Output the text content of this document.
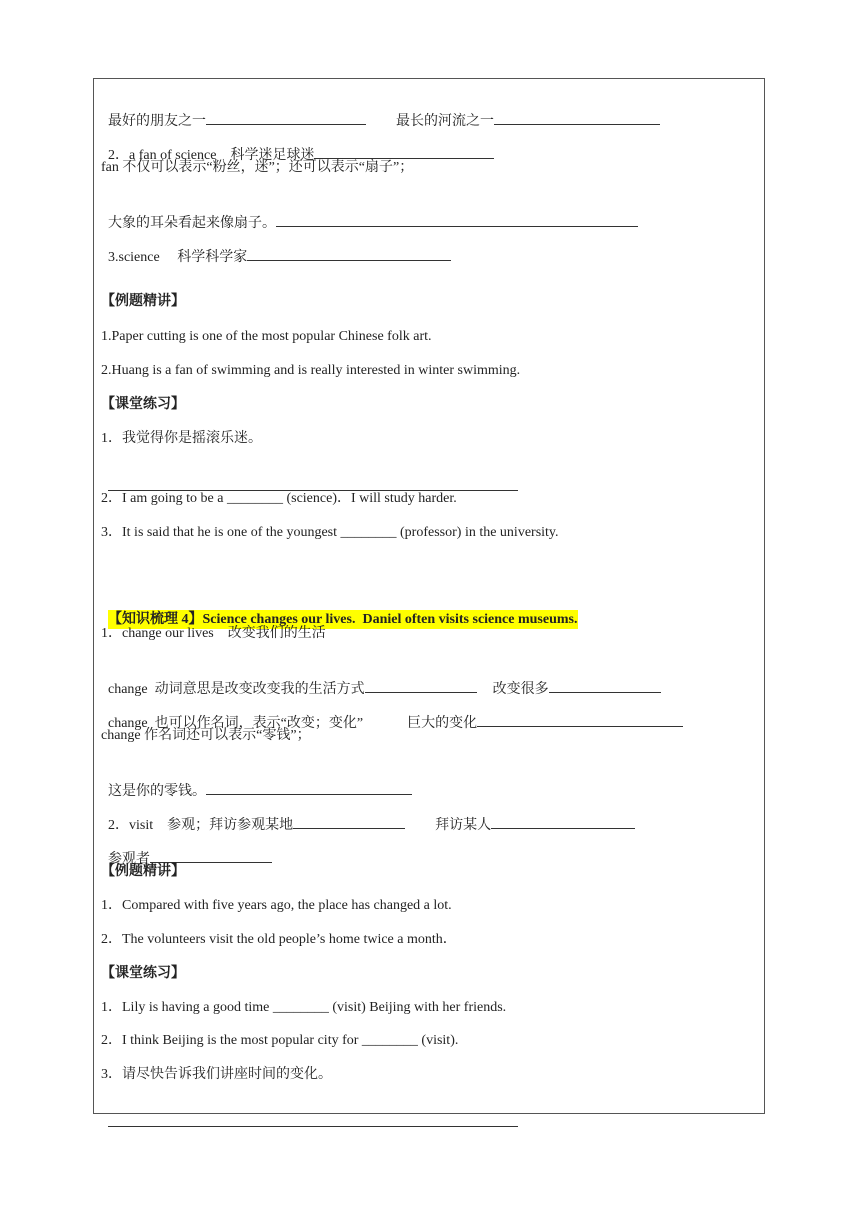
最好的朋友之一	最长的河流之一

2．a fan of science　科学迷足球迷

fan 不仅可以表示“粉丝，迷”；还可以表示“扇子”；

大象的耳朵看起来像扇子。

3.science　 科学科学家

【例题精讲】
1.Paper cutting is one of the most popular Chinese folk art.
2.Huang is a fan of swimming and is really interested in winter swimming.
【课堂练习】
1．我觉得你是摇滚乐迷。

2．I am going to be a ________ (science)．I will study harder.
3．It is said that he is one of the youngest ________ (professor) in the university.

【知识梳理 4】Science changes our lives.  Daniel often visits science museums.

1．change our lives　改变我们的生活

change  动词意思是改变改变我的生活方式	改变很多

change  也可以作名词，表示“改变；变化”	巨大的变化

change 作名词还可以表示“零钱”；

这是你的零钱。

2．visit　参观；拜访参观某地	拜访某人

参观者

【例题精讲】
1．Compared with five years ago, the place has changed a lot.
2．The volunteers visit the old people’s home twice a month．
【课堂练习】
1．Lily is having a good time ________ (visit) Beijing with her friends.
2．I think Beijing is the most popular city for ________ (visit).
3．请尽快告诉我们讲座时间的变化。
